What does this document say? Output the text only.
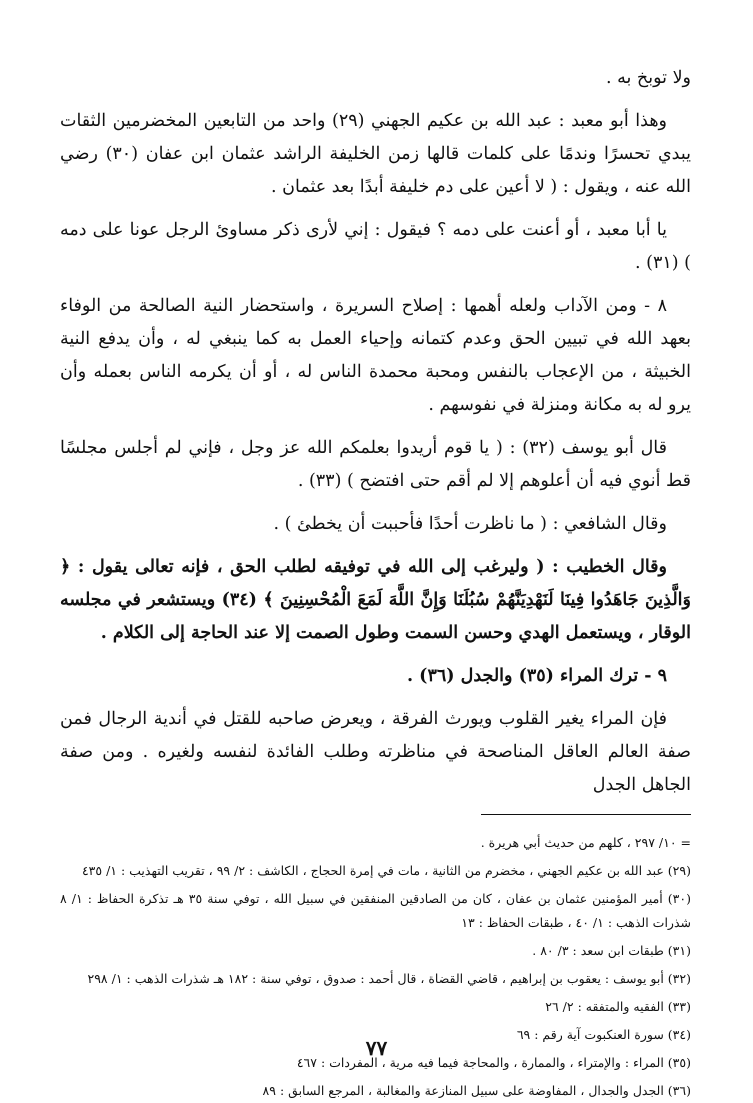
ولا توبخ به .

وهذا أبو معبد : عبد الله بن عكيم الجهني (٢٩) واحد من التابعين المخضرمين الثقات يبدي تحسرًا وندمًا على كلمات قالها زمن الخليفة الراشد عثمان ابن عفان (٣٠) رضي الله عنه ، ويقول : ( لا أعين على دم خليفة أبدًا بعد عثمان .

يا أبا معبد ، أو أعنت على دمه ؟ فيقول : إني لأرى ذكر مساوئ الرجل عونا على دمه ) (٣١) .

٨ - ومن الآداب ولعله أهمها : إصلاح السريرة ، واستحضار النية الصالحة من الوفاء بعهد الله في تبيين الحق وعدم كتمانه وإحياء العمل به كما ينبغي له ، وأن يدفع النية الخبيثة ، من الإعجاب بالنفس ومحبة محمدة الناس له ، أو أن يكرمه الناس بعمله وأن يرو له به مكانة ومنزلة في نفوسهم .

قال أبو يوسف (٣٢) : ( يا قوم أريدوا بعلمكم الله عز وجل ، فإني لم أجلس مجلسًا قط أنوي فيه أن أعلوهم إلا لم أقم حتى افتضح ) (٣٣) .

وقال الشافعي : ( ما ناظرت أحدًا فأحببت أن يخطئ ) .

وقال الخطيب : ( وليرغب إلى الله في توفيقه لطلب الحق ، فإنه تعالى يقول : ﴿ وَالَّذِينَ جَاهَدُوا فِينَا لَنَهْدِيَنَّهُمْ سُبُلَنَا وَإِنَّ اللَّهَ لَمَعَ الْمُحْسِنِينَ ﴾ (٣٤) ويستشعر في مجلسه الوقار ، ويستعمل الهدي وحسن السمت وطول الصمت إلا عند الحاجة إلى الكلام .

٩ - ترك المراء (٣٥) والجدل (٣٦) .

فإن المراء يغير القلوب ويورث الفرقة ، ويعرض صاحبه للقتل في أندية الرجال فمن صفة العالم العاقل المناصحة في مناظرته وطلب الفائدة لنفسه ولغيره . ومن صفة الجاهل الجدل

= ١٠/ ٢٩٧ ، كلهم من حديث أبي هريرة .

(٢٩) عبد الله بن عكيم الجهني ، مخضرم من الثانية ، مات في إمرة الحجاج ، الكاشف : ٢/ ٩٩ ، تقريب التهذيب : ١/ ٤٣٥

(٣٠) أمير المؤمنين عثمان بن عفان ، كان من الصادقين المنفقين في سبيل الله ، توفي سنة ٣٥ هـ تذكرة الحفاظ : ١/ ٨ شذرات الذهب : ١/ ٤٠ ، طبقات الحفاظ : ١٣

(٣١) طبقات ابن سعد : ٣/ ٨٠ .

(٣٢) أبو يوسف : يعقوب بن إبراهيم ، قاضي القضاة ، قال أحمد : صدوق ، توفي سنة : ١٨٢ هـ شذرات الذهب : ١/ ٢٩٨

(٣٣) الفقيه والمتفقه : ٢/ ٢٦

(٣٤) سورة العنكبوت آية رقم : ٦٩

(٣٥) المراء : والإمتراء ، والممارة ، والمحاجة فيما فيه مرية ، المفردات : ٤٦٧

(٣٦) الجدل والجدال ، المفاوضة على سبيل المنازعة والمغالبة ، المرجع السابق : ٨٩

٧٧
